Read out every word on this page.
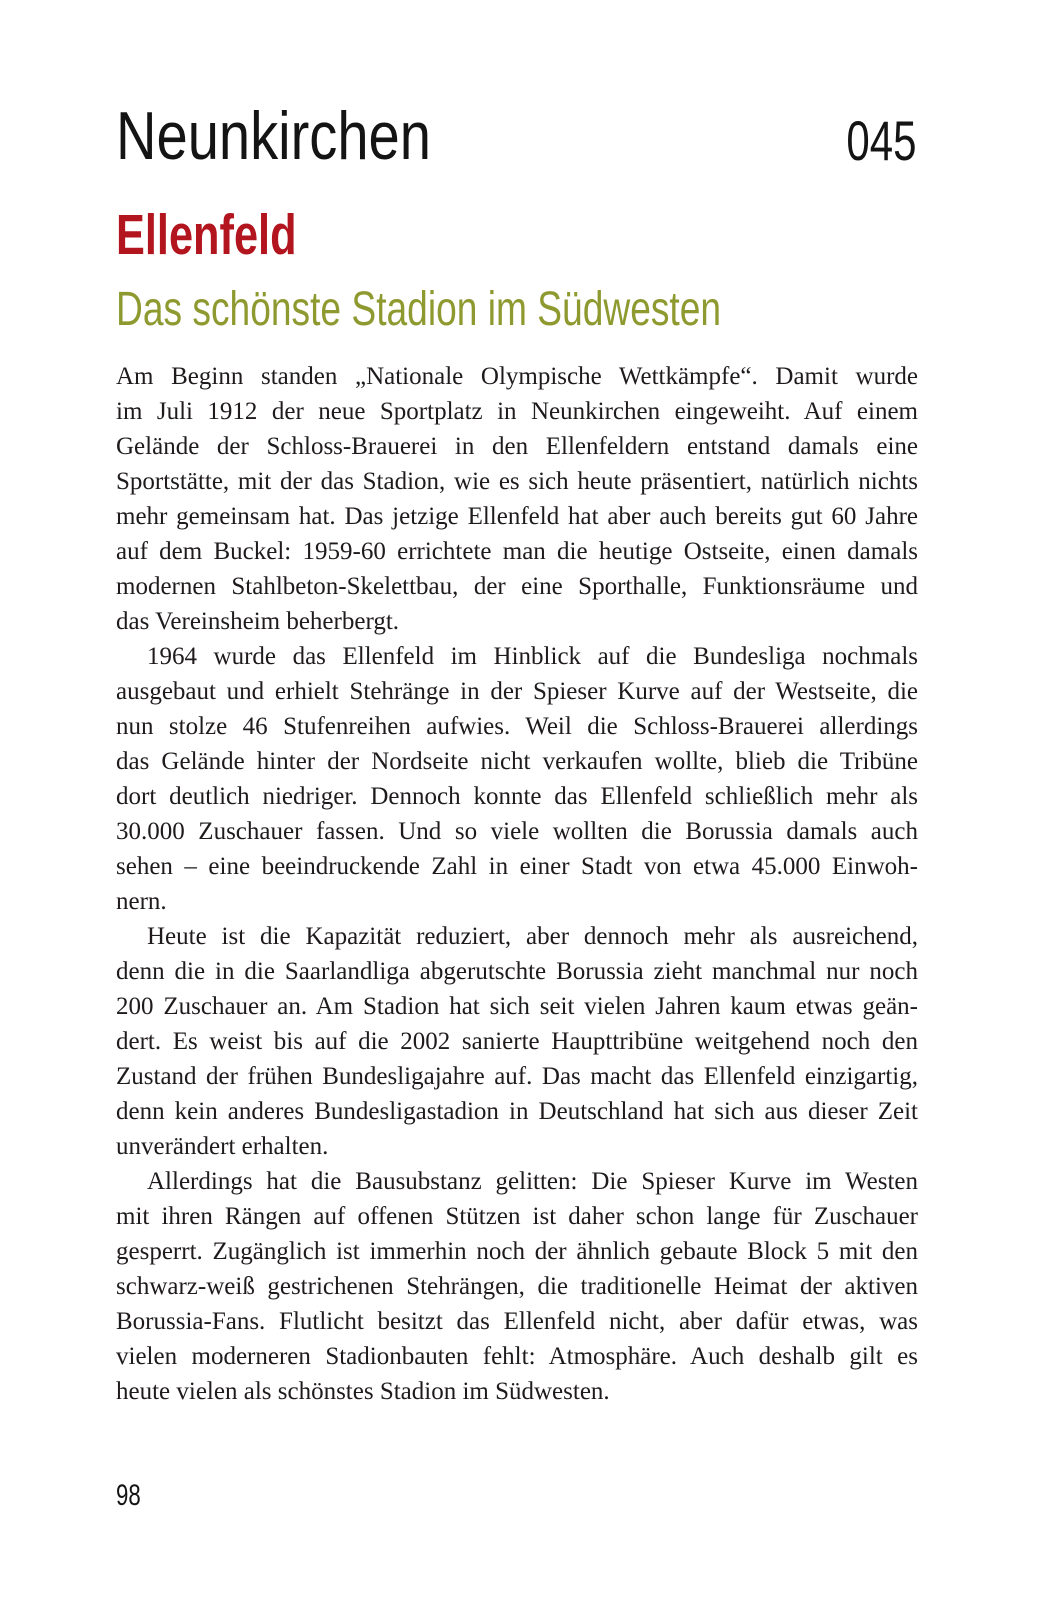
Neunkirchen	045
Ellenfeld
Das schönste Stadion im Südwesten
Am Beginn standen „Nationale Olympische Wettkämpfe“. Damit wurde
im Juli 1912 der neue Sportplatz in Neunkirchen eingeweiht. Auf einem
Gelände der Schloss-Brauerei in den Ellenfeldern entstand damals eine
Sportstätte, mit der das Stadion, wie es sich heute präsentiert, natürlich nichts
mehr gemeinsam hat. Das jetzige Ellenfeld hat aber auch bereits gut 60 Jahre
auf dem Buckel: 1959-60 errichtete man die heutige Ostseite, einen damals
modernen Stahlbeton-Skelettbau, der eine Sporthalle, Funktionsräume und
das Vereinsheim beherbergt.
1964 wurde das Ellenfeld im Hinblick auf die Bundesliga nochmals
ausgebaut und erhielt Stehränge in der Spieser Kurve auf der Westseite, die
nun stolze 46 Stufenreihen aufwies. Weil die Schloss-Brauerei allerdings
das Gelände hinter der Nordseite nicht verkaufen wollte, blieb die Tribüne
dort deutlich niedriger. Dennoch konnte das Ellenfeld schließlich mehr als
30.000 Zuschauer fassen. Und so viele wollten die Borussia damals auch
sehen – eine beeindruckende Zahl in einer Stadt von etwa 45.000 Einwoh-
nern.
Heute ist die Kapazität reduziert, aber dennoch mehr als ausreichend,
denn die in die Saarlandliga abgerutschte Borussia zieht manchmal nur noch
200 Zuschauer an. Am Stadion hat sich seit vielen Jahren kaum etwas geän-
dert. Es weist bis auf die 2002 sanierte Haupttribüne weitgehend noch den
Zustand der frühen Bundesligajahre auf. Das macht das Ellenfeld einzigartig,
denn kein anderes Bundesligastadion in Deutschland hat sich aus dieser Zeit
unverändert erhalten.
Allerdings hat die Bausubstanz gelitten: Die Spieser Kurve im Westen
mit ihren Rängen auf offenen Stützen ist daher schon lange für Zuschauer
gesperrt. Zugänglich ist immerhin noch der ähnlich gebaute Block 5 mit den
schwarz-weiß gestrichenen Stehrängen, die traditionelle Heimat der aktiven
Borussia-Fans. Flutlicht besitzt das Ellenfeld nicht, aber dafür etwas, was
vielen moderneren Stadionbauten fehlt: Atmosphäre. Auch deshalb gilt es
heute vielen als schönstes Stadion im Südwesten.
98
